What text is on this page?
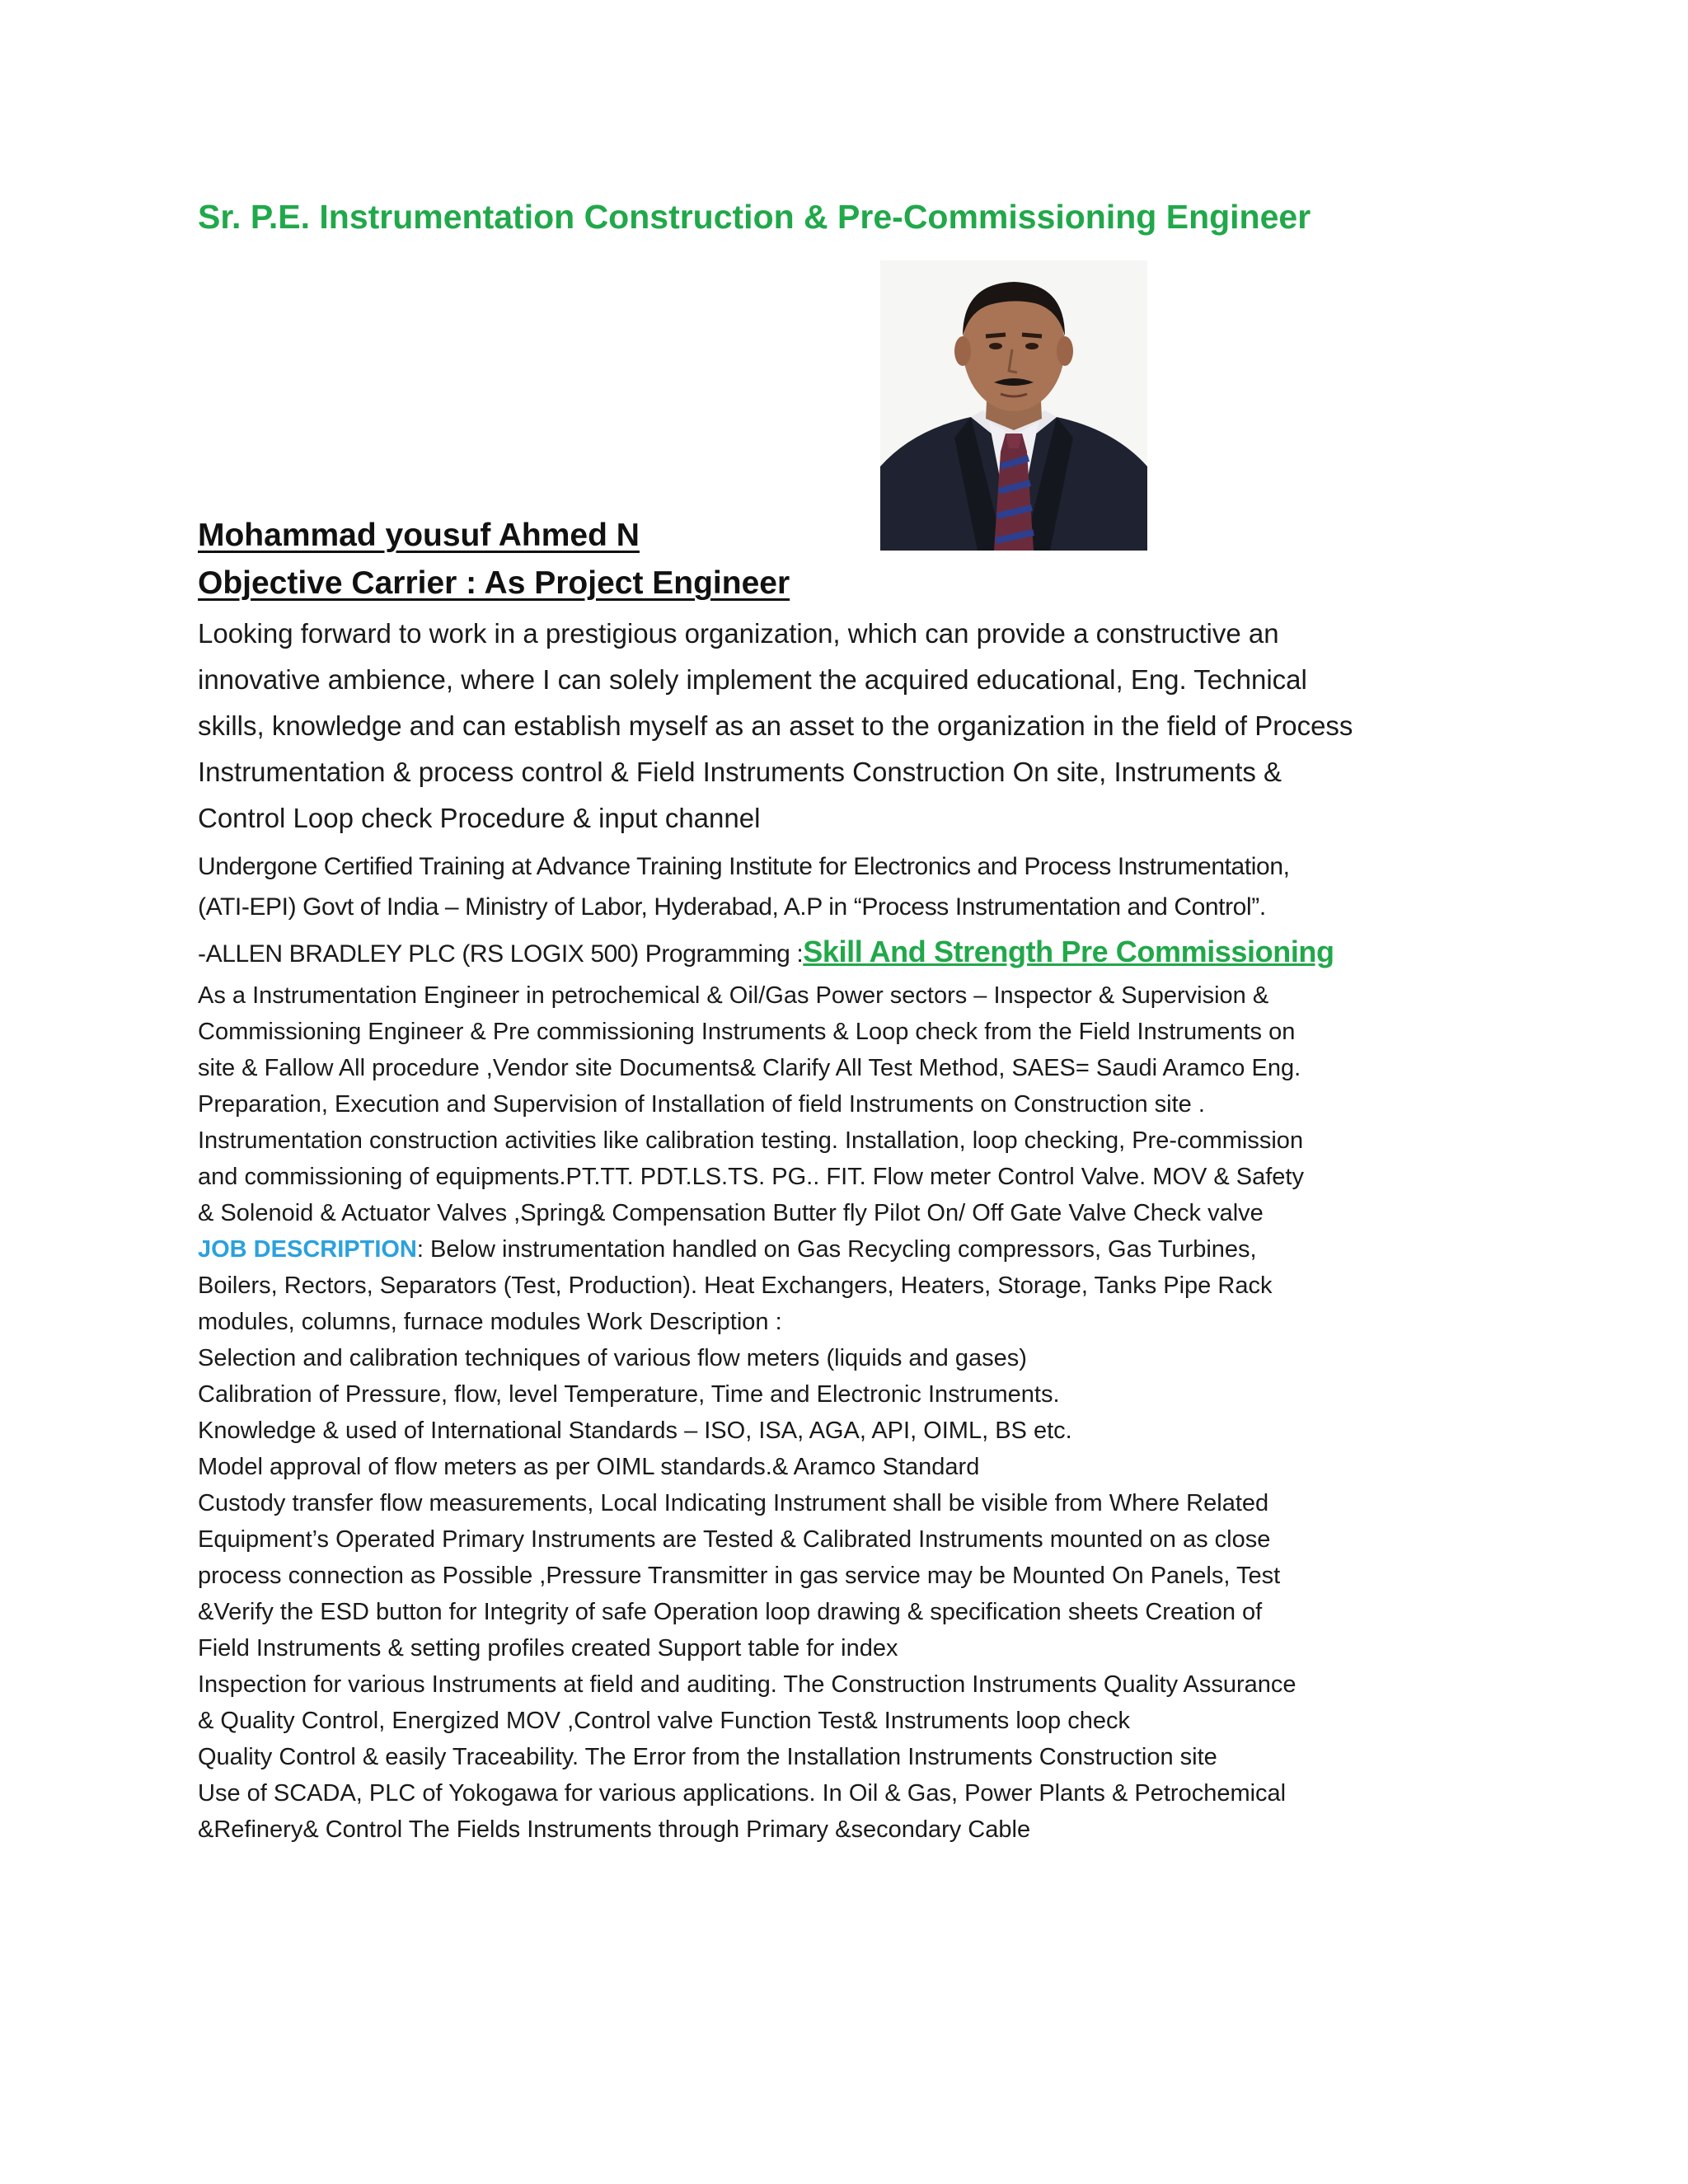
Sr. P.E. Instrumentation Construction & Pre-Commissioning Engineer
Mohammad yousuf Ahmed N
Objective Carrier : As Project Engineer
Looking forward to work in a prestigious organization, which can provide a constructive an
innovative ambience, where I can solely implement the acquired educational, Eng. Technical
skills, knowledge and can establish myself as an asset to the organization in the field of Process
Instrumentation & process control & Field Instruments Construction On site, Instruments &
Control Loop check Procedure & input channel
Undergone Certified Training at Advance Training Institute for Electronics and Process Instrumentation,
(ATI-EPI) Govt of India – Ministry of Labor, Hyderabad, A.P in “Process Instrumentation and Control”.
-ALLEN BRADLEY PLC (RS LOGIX 500) Programming :Skill And Strength Pre Commissioning
As a Instrumentation Engineer in petrochemical & Oil/Gas Power sectors – Inspector & Supervision &
Commissioning Engineer & Pre commissioning Instruments & Loop check from the Field Instruments on
site & Fallow All procedure ,Vendor site Documents& Clarify All Test Method, SAES= Saudi Aramco Eng.
Preparation, Execution and Supervision of Installation of field Instruments on Construction site .
Instrumentation construction activities like calibration testing. Installation, loop checking, Pre-commission
and commissioning of equipments.PT.TT. PDT.LS.TS. PG.. FIT. Flow meter Control Valve. MOV & Safety
& Solenoid & Actuator Valves ,Spring& Compensation Butter fly Pilot On/ Off Gate Valve Check valve
JOB DESCRIPTION: Below instrumentation handled on Gas Recycling compressors, Gas Turbines,
Boilers, Rectors, Separators (Test, Production). Heat Exchangers, Heaters, Storage, Tanks Pipe Rack
modules, columns, furnace modules Work Description :
Selection and calibration techniques of various flow meters (liquids and gases)
Calibration of Pressure, flow, level Temperature, Time and Electronic Instruments.
Knowledge & used of International Standards – ISO, ISA, AGA, API, OIML, BS etc.
Model approval of flow meters as per OIML standards.& Aramco Standard
Custody transfer flow measurements, Local Indicating Instrument shall be visible from Where Related
Equipment’s Operated Primary Instruments are Tested & Calibrated Instruments mounted on as close
process connection as Possible ,Pressure Transmitter in gas service may be Mounted On Panels, Test
&Verify the ESD button for Integrity of safe Operation loop drawing & specification sheets Creation of
Field Instruments & setting profiles created Support table for index
Inspection for various Instruments at field and auditing. The Construction Instruments Quality Assurance
& Quality Control, Energized MOV ,Control valve Function Test& Instruments loop check
Quality Control & easily Traceability. The Error from the Installation Instruments Construction site
Use of SCADA, PLC of Yokogawa for various applications. In Oil & Gas, Power Plants & Petrochemical
&Refinery& Control The Fields Instruments through Primary &secondary Cable
